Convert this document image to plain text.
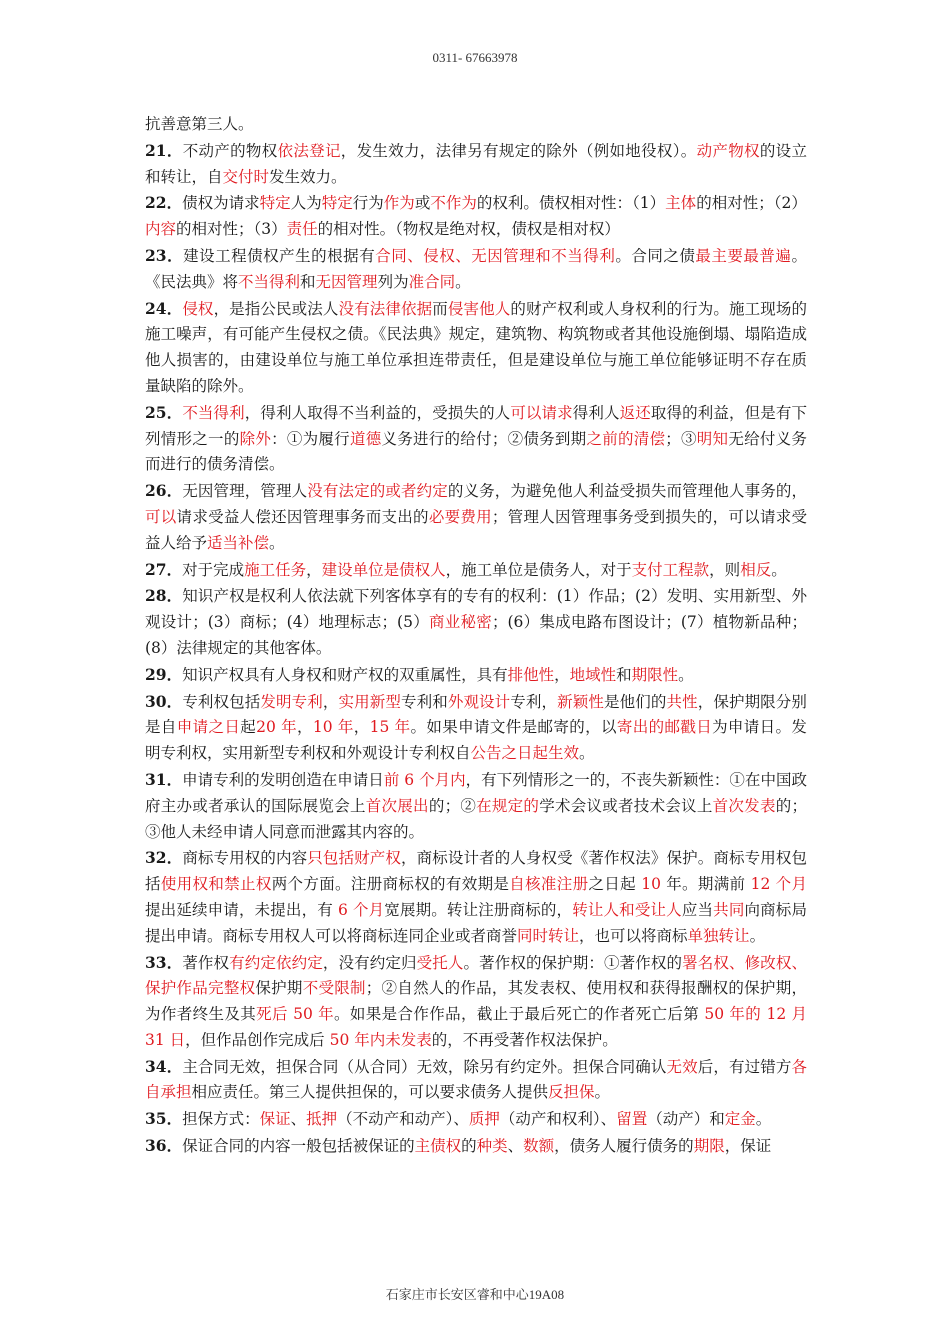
0311- 67663978

抗善意第三人。

21．不动产的物权依法登记，发生效力，法律另有规定的除外（例如地役权）。动产物权的设立和转让，自交付时发生效力。

22．债权为请求特定人为特定行为作为或不作为的权利。债权相对性：（1）主体的相对性；（2）内容的相对性；（3）责任的相对性。（物权是绝对权，债权是相对权）

23．建设工程债权产生的根据有合同、侵权、无因管理和不当得利。合同之债最主要最普遍。《民法典》将不当得利和无因管理列为准合同。

24．侵权，是指公民或法人没有法律依据而侵害他人的财产权利或人身权利的行为。施工现场的施工噪声，有可能产生侵权之债。《民法典》规定，建筑物、构筑物或者其他设施倒塌、塌陷造成他人损害的，由建设单位与施工单位承担连带责任，但是建设单位与施工单位能够证明不存在质量缺陷的除外。

25．不当得利，得利人取得不当利益的，受损失的人可以请求得利人返还取得的利益，但是有下列情形之一的除外：①为履行道德义务进行的给付；②债务到期之前的清偿；③明知无给付义务而进行的债务清偿。

26．无因管理，管理人没有法定的或者约定的义务，为避免他人利益受损失而管理他人事务的，可以请求受益人偿还因管理事务而支出的必要费用；管理人因管理事务受到损失的，可以请求受益人给予适当补偿。

27．对于完成施工任务，建设单位是债权人，施工单位是债务人，对于支付工程款，则相反。

28．知识产权是权利人依法就下列客体享有的专有的权利：(1）作品；(2）发明、实用新型、外观设计；(3）商标；(4）地理标志；(5）商业秘密；(6）集成电路布图设计；(7）植物新品种；(8）法律规定的其他客体。

29．知识产权具有人身权和财产权的双重属性，具有排他性，地域性和期限性。

30．专利权包括发明专利，实用新型专利和外观设计专利，新颖性是他们的共性，保护期限分别是自申请之日起20 年，10 年，15 年。如果申请文件是邮寄的，以寄出的邮戳日为申请日。发明专利权，实用新型专利权和外观设计专利权自公告之日起生效。

31．申请专利的发明创造在申请日前 6 个月内，有下列情形之一的，不丧失新颖性：①在中国政府主办或者承认的国际展览会上首次展出的；②在规定的学术会议或者技术会议上首次发表的；③他人未经申请人同意而泄露其内容的。

32．商标专用权的内容只包括财产权，商标设计者的人身权受《著作权法》保护。商标专用权包括使用权和禁止权两个方面。注册商标权的有效期是自核准注册之日起 10 年。期满前 12 个月提出延续申请，未提出，有 6 个月宽展期。转让注册商标的，转让人和受让人应当共同向商标局提出申请。商标专用权人可以将商标连同企业或者商誉同时转让，也可以将商标单独转让。

33．著作权有约定依约定，没有约定归受托人。著作权的保护期：①著作权的署名权、修改权、保护作品完整权保护期不受限制；②自然人的作品，其发表权、使用权和获得报酬权的保护期，为作者终生及其死后 50 年。如果是合作作品，截止于最后死亡的作者死亡后第 50 年的 12 月 31 日，但作品创作完成后 50 年内未发表的，不再受著作权法保护。

34．主合同无效，担保合同（从合同）无效，除另有约定外。担保合同确认无效后，有过错方各自承担相应责任。第三人提供担保的，可以要求债务人提供反担保。

35．担保方式：保证、抵押（不动产和动产）、质押（动产和权利）、留置（动产）和定金。

36．保证合同的内容一般包括被保证的主债权的种类、数额，债务人履行债务的期限，保证

石家庄市长安区睿和中心19A08
